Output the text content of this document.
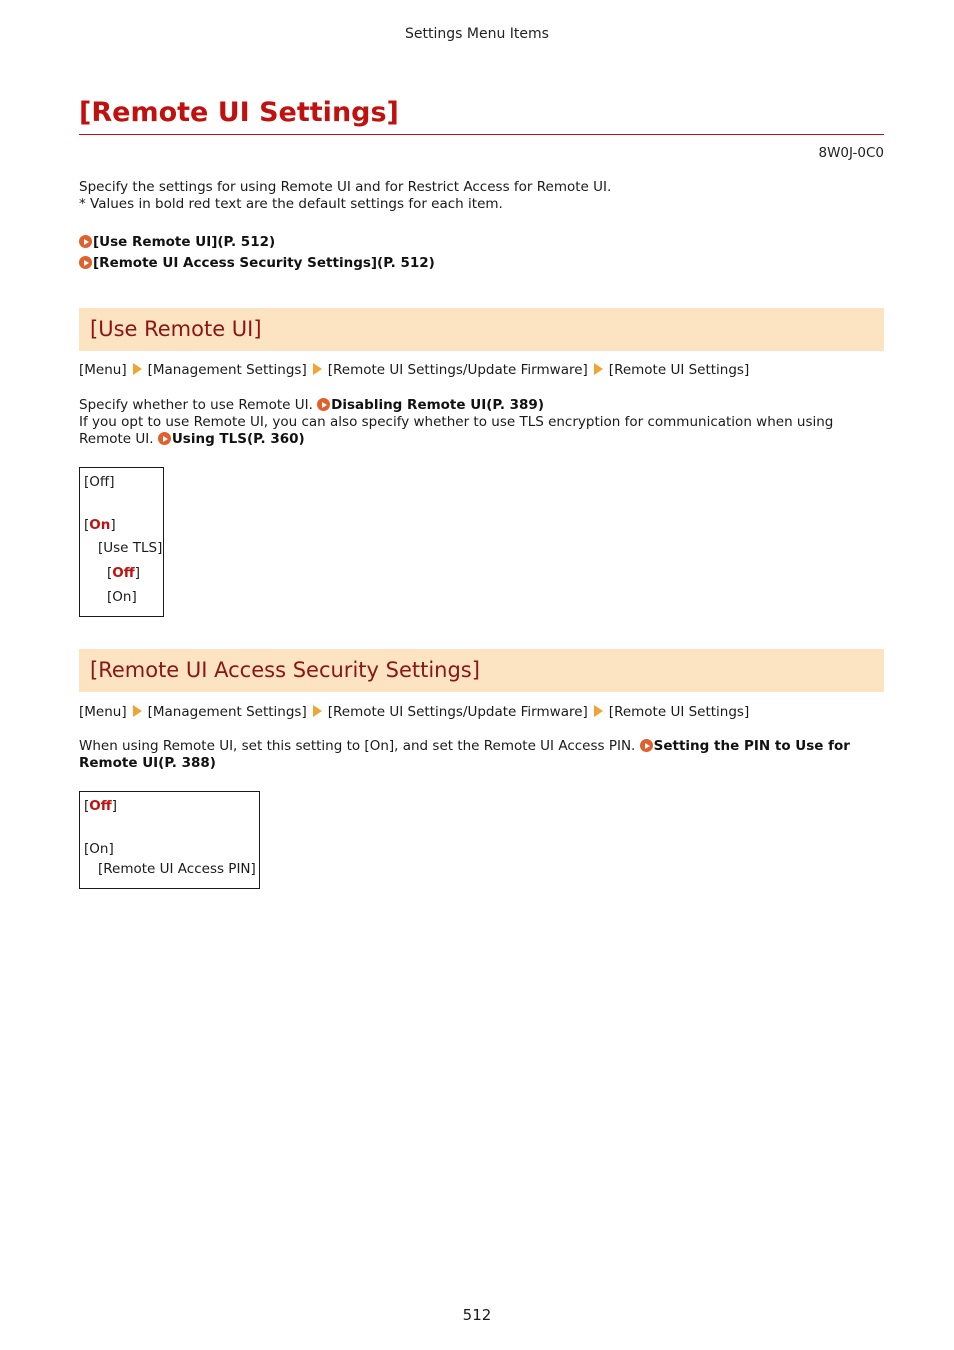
Settings Menu Items
[Remote UI Settings]
8W0J-0C0

Specify the settings for using Remote UI and for Restrict Access for Remote UI.

* Values in bold red text are the default settings for each item.

[Use Remote UI](P. 512)
[Remote UI Access Security Settings](P. 512)
[Use Remote UI]
[Menu] [Management Settings] [Remote UI Settings/Update Firmware] [Remote UI Settings]
Specify whether to use Remote UI. Disabling Remote UI(P. 389)
If you opt to use Remote UI, you can also specify whether to use TLS encryption for communication when using Remote UI. Using TLS(P. 360)
[Off]
[On]
[Use TLS]
[Off]
[On]
[Remote UI Access Security Settings]
[Menu] [Management Settings] [Remote UI Settings/Update Firmware] [Remote UI Settings]
When using Remote UI, set this setting to [On], and set the Remote UI Access PIN. Setting the PIN to Use for Remote UI(P. 388)
[Off]
[On]
[Remote UI Access PIN]
512
